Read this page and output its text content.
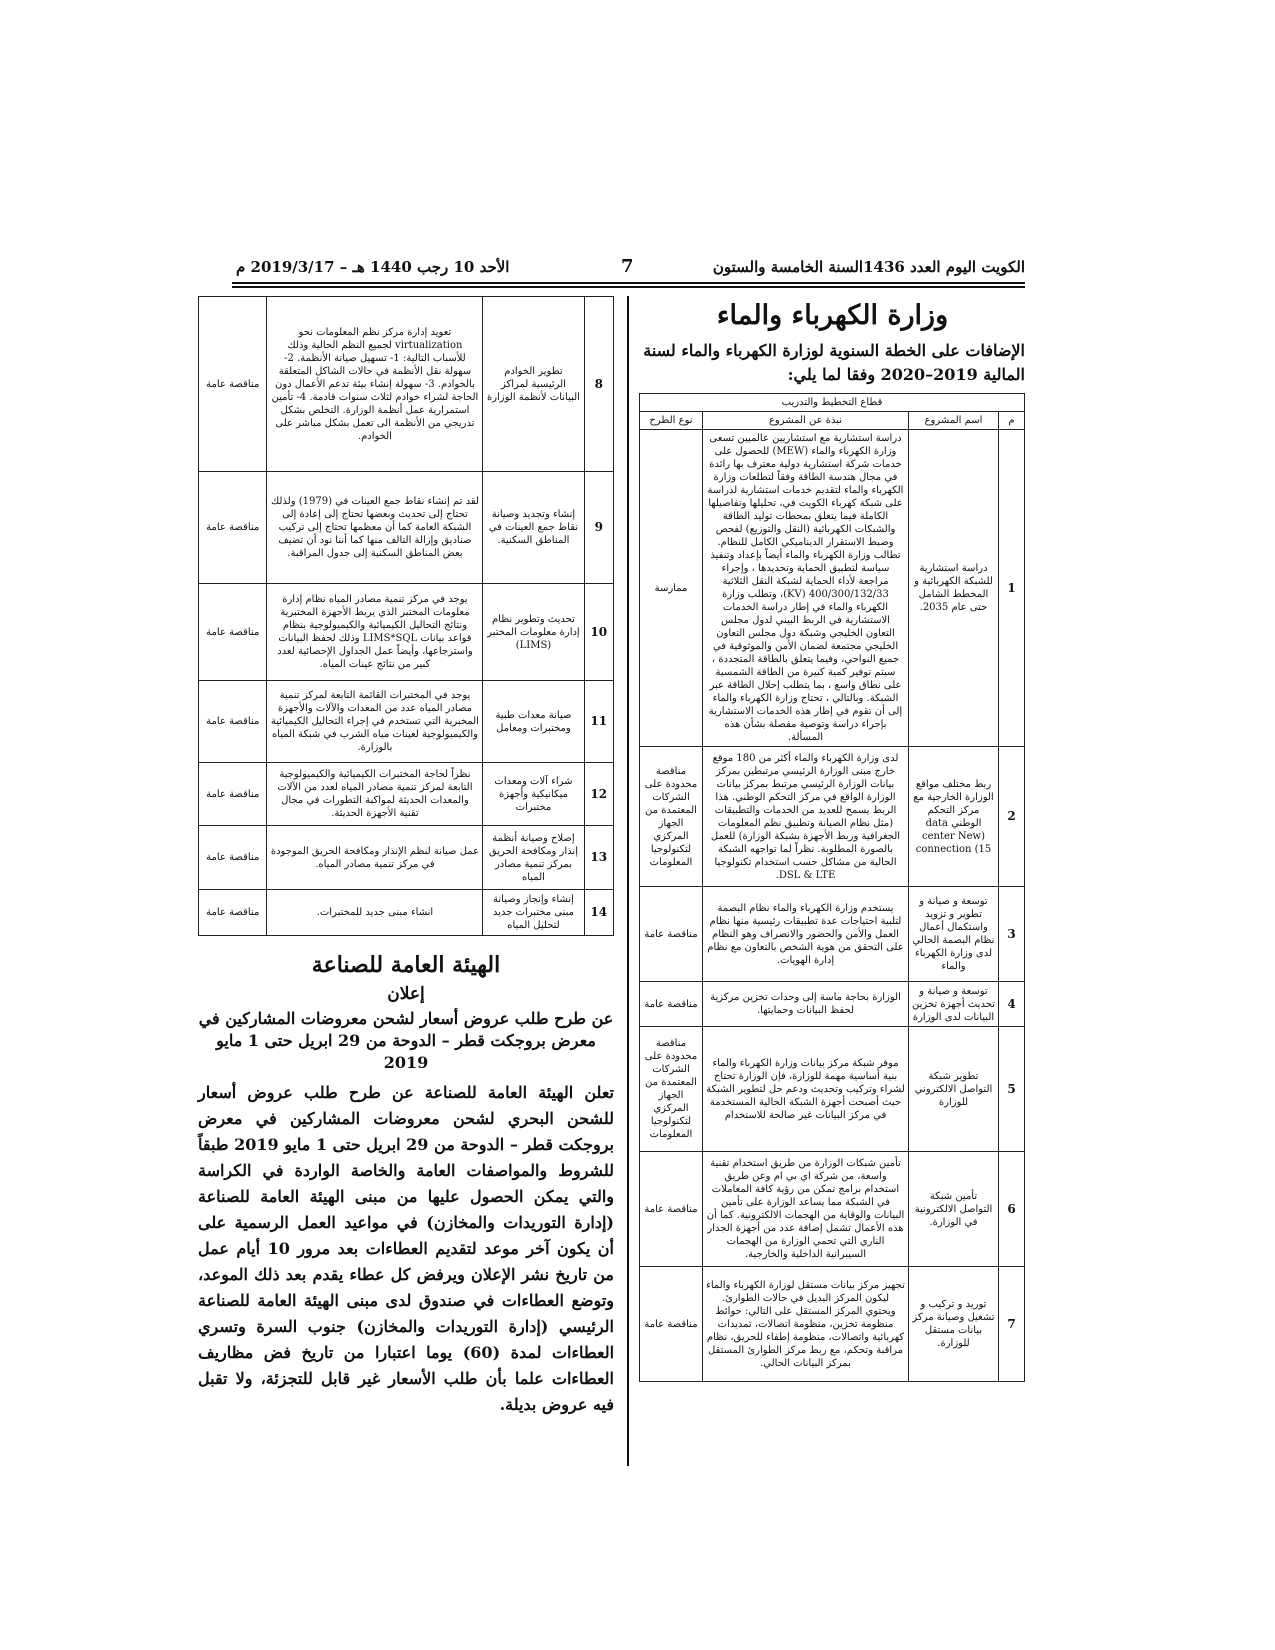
الكويت اليوم العدد 1436السنة الخامسة والستون
7
الأحد 10 رجب 1440 هـ – 2019/3/17 م
وزارة الكهرباء والماء
الإضافات على الخطة السنوية لوزارة الكهرباء والماء لسنة المالية 2019–2020 وفقا لما يلي:
قطاع التخطيط والتدريب			
م	اسم المشروع	نبذة عن المشروع	نوع الطرح
1	دراسة استشارية للشبكة الكهربائية و المخطط الشامل حتى عام 2035.	دراسة استشارية مع استشاريين عالميين تسعى وزارة الكهرباء والماء (MEW) للحصول على خدمات شركة استشارية دولية معترف بها رائدة في مجال هندسة الطاقة وفقاً لتطلعات وزارة الكهرباء والماء لتقديم خدمات استشارية لدراسة على شبكة كهرباء الكويت في، تحليلها وتفاصيلها الكاملة فيما يتعلق بمحطات توليد الطاقة والشبكات الكهربائية (النقل والتوزيع) لفحص وضبط الاستقرار الديناميكي الكامل للنظام. تطالب وزارة الكهرباء والماء أيضاً بإعداد وتنفيذ سياسة لتطبيق الحماية وتحديدها ، وإجراء مراجعة لأداء الحماية لشبكة النقل الثلاثية 400/300/132/33 (KV)، وتطلب وزارة الكهرباء والماء في إطار دراسة الخدمات الاستشارية في الربط البيني لدول مجلس التعاون الخليجي وشبكة دول مجلس التعاون الخليجي مجتمعة لضمان الأمن والموثوقية في جميع النواحي، وفيما يتعلق بالطاقة المتجددة ، سيتم توفير كمية كبيرة من الطاقة الشمسية على نطاق واسع ، بما يتطلب إحلال الطاقة عبر الشبكة. وبالتالي ، تحتاج وزارة الكهرباء والماء إلى أن تقوم في إطار هذه الخدمات الاستشارية بإجراء دراسة وتوصية مفصلة بشأن هذه المسألة.	ممارسة
2	ربط مختلف مواقع الوزارة الخارجية مع مركز التحكم الوطني data center New) connection (15	لدى وزارة الكهرباء والماء أكثر من 180 موقع خارج مبنى الوزارة الرئيسي مرتبطين بمركز بيانات الوزارة الرئيسي مرتبط بمركز بيانات الوزارة الواقع في مركز التحكم الوطني. هذا الربط يسمح للعديد من الخدمات والتطبيقات (مثل نظام الصيانة وتطبيق نظم المعلومات الجغرافية وربط الأجهزة بشبكة الوزارة) للعمل بالصورة المطلوبة. نظراً لما تواجهه الشبكة الحالية من مشاكل حسب استخدام تكنولوجيا DSL & LTE.	مناقصة محدودة على الشركات المعتمدة من الجهاز المركزي لتكنولوجيا المعلومات
3	توسعة و صيانة و تطوير و تزويد واستكمال أعمال نظام البصمة الحالي لدى وزارة الكهرباء والماء	يستخدم وزارة الكهرباء والماء نظام البصمة لتلبية احتياجات عدة تطبيقات رئيسية منها نظام العمل والأمن والحضور والانصراف وهو النظام على التحقق من هوية الشخص بالتعاون مع نظام إدارة الهويات.	مناقصة عامة
4	توسعة و صيانة و تحديث أجهزة تخزين البيانات لدى الوزارة	الوزارة بحاجة ماسة إلى وحدات تخزين مركزية لحفظ البيانات وحمايتها.	مناقصة عامة
5	تطوير شبكة التواصل الالكتروني للوزارة	موفر شبكة مركز بيانات وزارة الكهرباء والماء بنية أساسية مهمة للوزارة، فإن الوزارة تحتاج لشراء وتركيب وتحديث ودعم حل لتطوير الشبكة حيث أصبحت أجهزة الشبكة الحالية المستخدمة في مركز البيانات غير صالحة للاستخدام	مناقصة محدودة على الشركات المعتمدة من الجهاز المركزي لتكنولوجيا المعلومات
6	تأمين شبكة التواصل الالكترونية في الوزارة.	تأمين شبكات الوزارة من طريق استخدام تقنية واسعة، من شركة اي بي ام وعن طريق استخدام برامج تمكن من رؤية كافة المعاملات في الشبكة مما يساعد الوزارة على تأمين البيانات والوقاية من الهجمات الالكترونية. كما أن هذه الأعمال تشمل إضافة عدد من أجهزة الجدار الناري التي تحمي الوزارة من الهجمات السيبرانية الداخلية والخارجية.	مناقصة عامة
7	توريد و تركيب و تشغيل وصيانة مركز بيانات مستقل للوزارة.	تجهيز مركز بيانات مستقل لوزارة الكهرباء والماء ليكون المركز البديل في حالات الطوارئ. ويحتوي المركز المستقل على التالي: حوائط منظومة تخزين، منظومة اتصالات، تمديدات كهربائية واتصالات، منظومة إطفاء للحريق، نظام مراقبة وتحكم، مع ربط مركز الطوارئ المستقل بمركز البيانات الحالي.	مناقصة عامة
8	تطوير الخوادم الرئيسية لمراكز البيانات لأنظمة الوزارة	تعويد إدارة مركز نظم المعلومات نحو virtualization لجميع النظم الحالية وذلك للأسباب التالية: 1- تسهيل صيانة الأنظمة. 2- سهولة نقل الأنظمة في حالات الشاكل المتعلقة بالخوادم. 3- سهولة إنشاء بيئة تدعم الأعمال دون الحاجة لشراء خوادم لثلاث سنوات قادمة. 4- تأمين استمرارية عمل أنظمة الوزارة. التخلص بشكل تدريجي من الأنظمة الى تعمل بشكل مباشر على الخوادم.	مناقصة عامة
9	إنشاء وتجديد وصيانة نقاط جمع العينات في المناطق السكنية.	لقد تم إنشاء نقاط جمع العينات في (1979) ولذلك تحتاج إلى تحديث وبعضها تحتاج إلى إعادة إلى الشبكة العامة كما أن معظمها تحتاج إلى تركيب صناديق وإزالة التالف منها كما أننا نود أن تضيف بعض المناطق السكنية إلى جدول المراقبة.	مناقصة عامة
10	تحديث وتطوير نظام إدارة معلومات المختبر (LIMS)	يوجد في مركز تنمية مصادر المياه نظام إدارة معلومات المختبر الذي يربط الأجهزة المختبرية ونتائج التحاليل الكيميائية والكيميولوجية بنظام قواعد بيانات LIMS*SQL وذلك لحفظ البيانات واسترجاعها، وأيضاً عمل الجداول الإحصائية لعدد كبير من نتائج عينات المياه.	مناقصة عامة
11	صيانة معدات طبية ومختبرات ومعامل	يوجد في المختبرات القائمة التابعة لمركز تنمية مصادر المياه عدد من المعدات والآلات والأجهزة المخبرية التي تستخدم في إجراء التحاليل الكيميائية والكيميولوجية لعينات مياه الشرب في شبكة المياه بالوزارة.	مناقصة عامة
12	شراء آلات ومعدات ميكانيكية وأجهزة مختبرات	نظراً لحاجة المختبرات الكيميائية والكيميولوجية التابعة لمركز تنمية مصادر المياه لعدد من الآلات والمعدات الحديثة لمواكبة التطورات في مجال تقنية الأجهزة الحديثة.	مناقصة عامة
13	إصلاح وصيانة أنظمة إنذار ومكافحة الحريق بمركز تنمية مصادر المياه	عمل صيانة لنظم الإنذار ومكافحة الحريق الموجودة في مركز تنمية مصادر المياه.	مناقصة عامة
14	إنشاء وإنجاز وصيانة مبنى مختبرات جديد لتحليل المياه	انشاء مبنى جديد للمختبرات.	مناقصة عامة
الهيئة العامة للصناعة
إعلان
عن طرح طلب عروض أسعار لشحن معروضات المشاركين في معرض بروجكت قطر – الدوحة من 29 ابريل حتى 1 مايو 2019

تعلن الهيئة العامة للصناعة عن طرح طلب عروض أسعار للشحن البحري لشحن معروضات المشاركين في معرض بروجكت قطر – الدوحة من 29 ابريل حتى 1 مايو 2019 طبقاً للشروط والمواصفات العامة والخاصة الواردة في الكراسة والتي يمكن الحصول عليها من مبنى الهيئة العامة للصناعة (إدارة التوريدات والمخازن) في مواعيد العمل الرسمية على أن يكون آخر موعد لتقديم العطاءات بعد مرور 10 أيام عمل من تاريخ نشر الإعلان ويرفض كل عطاء يقدم بعد ذلك الموعد، وتوضع العطاءات في صندوق لدى مبنى الهيئة العامة للصناعة الرئيسي (إدارة التوريدات والمخازن) جنوب السرة وتسري العطاءات لمدة (60) يوما اعتبارا من تاريخ فض مظاريف العطاءات علما بأن طلب الأسعار غير قابل للتجزئة، ولا تقبل فيه عروض بديلة.
